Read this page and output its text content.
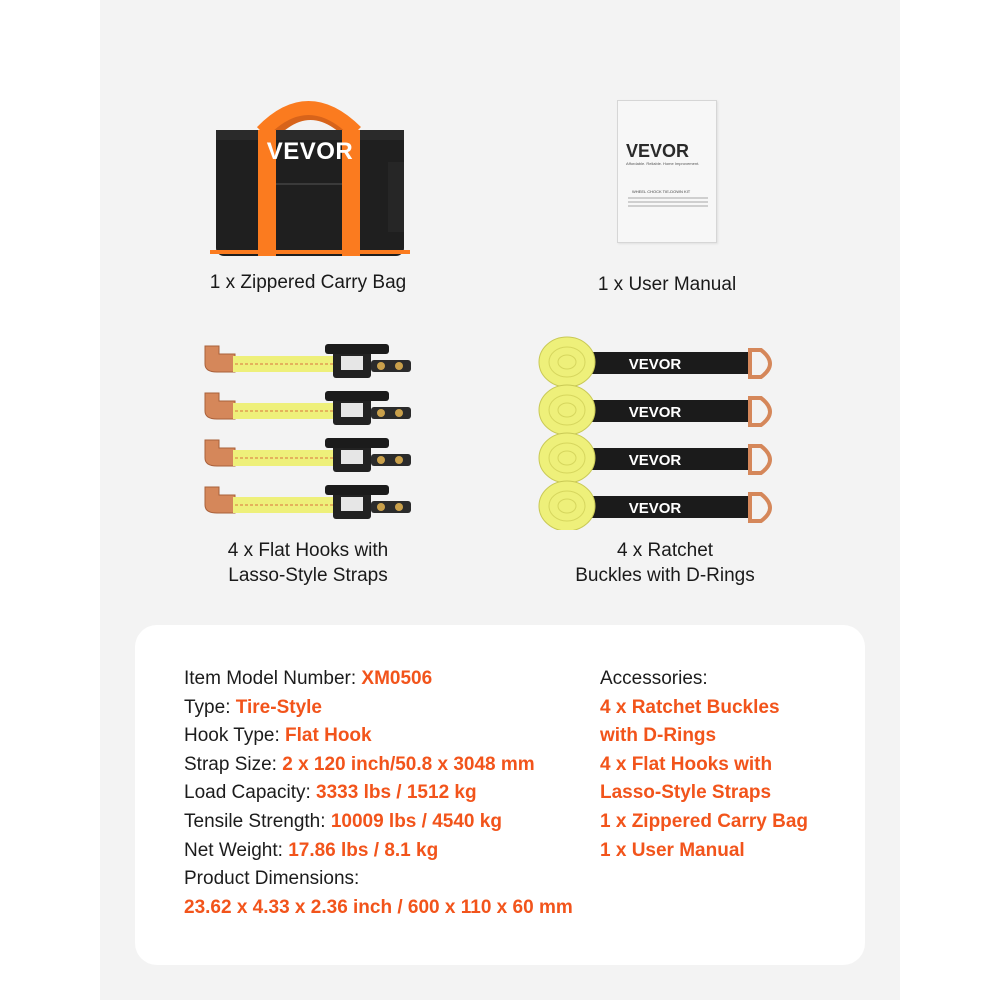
VEVOR
1 x Zippered Carry Bag
VEVOR
Affordable. Reliable. Home Improvement.
WHEEL CHOCK TIE-DOWN KIT
1 x User Manual
4 x Flat Hooks with
Lasso-Style Straps
VEVOR
VEVOR
VEVOR
VEVOR
4 x Ratchet
Buckles with D-Rings
Item Model Number: XM0506
Type: Tire-Style
Hook Type: Flat Hook
Strap Size: 2 x 120 inch/50.8 x 3048 mm
Load Capacity: 3333 lbs / 1512 kg
Tensile Strength: 10009 lbs / 4540 kg
Net Weight: 17.86 lbs / 8.1 kg
Product Dimensions:
23.62 x 4.33 x 2.36 inch / 600 x 110 x 60 mm
Accessories:
4 x Ratchet Buckles
with D-Rings
4 x Flat Hooks with
Lasso-Style Straps
1 x Zippered Carry Bag
1 x User Manual
